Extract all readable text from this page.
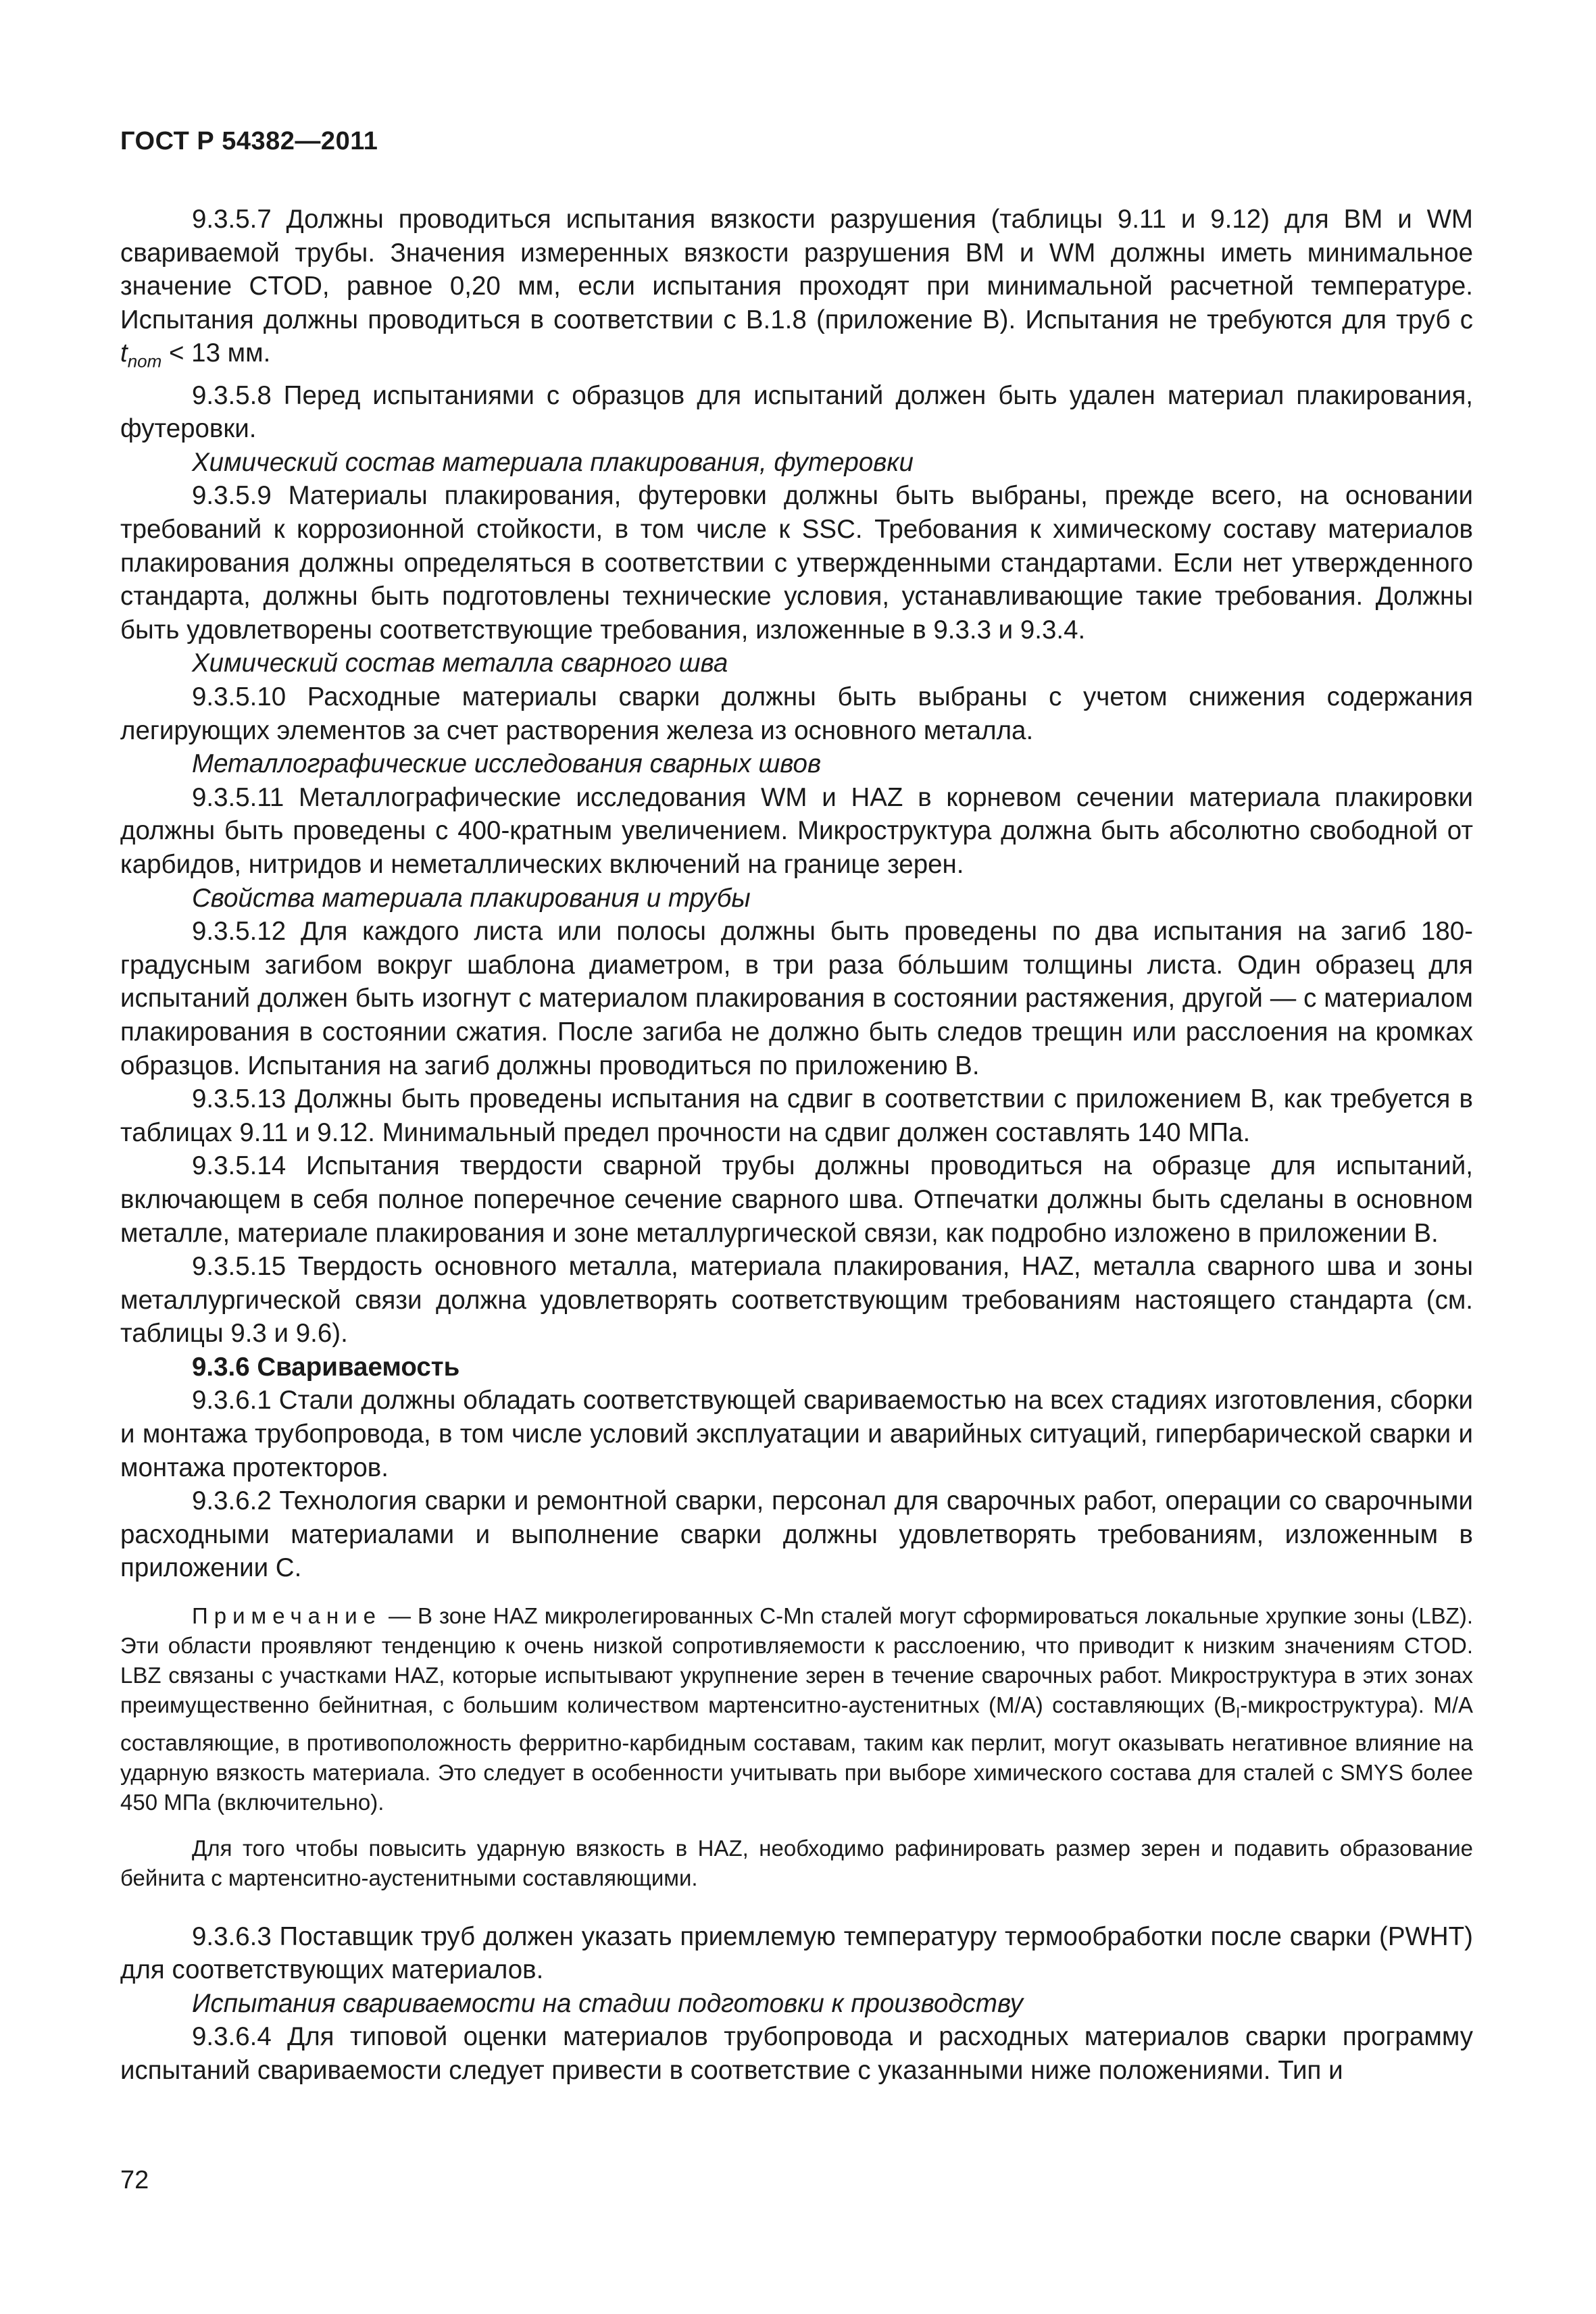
ГОСТ Р 54382—2011

9.3.5.7 Должны проводиться испытания вязкости разрушения (таблицы 9.11 и 9.12) для ВМ и WM свариваемой трубы. Значения измеренных вязкости разрушения ВМ и WM должны иметь минимальное значение CTOD, равное 0,20 мм, если испытания проходят при минимальной расчетной температуре. Испытания должны проводиться в соответствии с В.1.8 (приложение В). Испытания не требуются для труб с $t_{nom} < 13$ мм.

9.3.5.8 Перед испытаниями с образцов для испытаний должен быть удален материал плакирования, футеровки.

Химический состав материала плакирования, футеровки

9.3.5.9 Материалы плакирования, футеровки должны быть выбраны, прежде всего, на основании требований к коррозионной стойкости, в том числе к SSC. Требования к химическому составу материалов плакирования должны определяться в соответствии с утвержденными стандартами. Если нет утвержденного стандарта, должны быть подготовлены технические условия, устанавливающие такие требования. Должны быть удовлетворены соответствующие требования, изложенные в 9.3.3 и 9.3.4.

Химический состав металла сварного шва

9.3.5.10 Расходные материалы сварки должны быть выбраны с учетом снижения содержания легирующих элементов за счет растворения железа из основного металла.

Металлографические исследования сварных швов

9.3.5.11 Металлографические исследования WM и HAZ в корневом сечении материала плакировки должны быть проведены с 400-кратным увеличением. Микроструктура должна быть абсолютно свободной от карбидов, нитридов и неметаллических включений на границе зерен.

Свойства материала плакирования и трубы

9.3.5.12 Для каждого листа или полосы должны быть проведены по два испытания на загиб 180-градусным загибом вокруг шаблона диаметром, в три раза бóльшим толщины листа. Один образец для испытаний должен быть изогнут с материалом плакирования в состоянии растяжения, другой — с материалом плакирования в состоянии сжатия. После загиба не должно быть следов трещин или расслоения на кромках образцов. Испытания на загиб должны проводиться по приложению В.

9.3.5.13 Должны быть проведены испытания на сдвиг в соответствии с приложением В, как требуется в таблицах 9.11 и 9.12. Минимальный предел прочности на сдвиг должен составлять 140 МПа.

9.3.5.14 Испытания твердости сварной трубы должны проводиться на образце для испытаний, включающем в себя полное поперечное сечение сварного шва. Отпечатки должны быть сделаны в основном металле, материале плакирования и зоне металлургической связи, как подробно изложено в приложении В.

9.3.5.15 Твердость основного металла, материала плакирования, HAZ, металла сварного шва и зоны металлургической связи должна удовлетворять соответствующим требованиям настоящего стандарта (см. таблицы 9.3 и 9.6).

9.3.6 Свариваемость

9.3.6.1 Стали должны обладать соответствующей свариваемостью на всех стадиях изготовления, сборки и монтажа трубопровода, в том числе условий эксплуатации и аварийных ситуаций, гипербарической сварки и монтажа протекторов.

9.3.6.2 Технология сварки и ремонтной сварки, персонал для сварочных работ, операции со сварочными расходными материалами и выполнение сварки должны удовлетворять требованиям, изложенным в приложении С.

Примечание — В зоне HAZ микролегированных C-Mn сталей могут сформироваться локальные хрупкие зоны (LBZ). Эти области проявляют тенденцию к очень низкой сопротивляемости к расслоению, что приводит к низким значениям CTOD. LBZ связаны с участками HAZ, которые испытывают укрупнение зерен в течение сварочных работ. Микроструктура в этих зонах преимущественно бейнитная, с большим количеством мартенситно-аустенитных (M/A) составляющих $(B_I-микроструктура)$. M/A составляющие, в противоположность ферритно-карбидным составам, таким как перлит, могут оказывать негативное влияние на ударную вязкость материала. Это следует в особенности учитывать при выборе химического состава для сталей с SMYS более 450 МПа (включительно).

Для того чтобы повысить ударную вязкость в HAZ, необходимо рафинировать размер зерен и подавить образование бейнита с мартенситно-аустенитными составляющими.

9.3.6.3 Поставщик труб должен указать приемлемую температуру термообработки после сварки (PWHT) для соответствующих материалов.

Испытания свариваемости на стадии подготовки к производству

9.3.6.4 Для типовой оценки материалов трубопровода и расходных материалов сварки программу испытаний свариваемости следует привести в соответствие с указанными ниже положениями. Тип и

72
